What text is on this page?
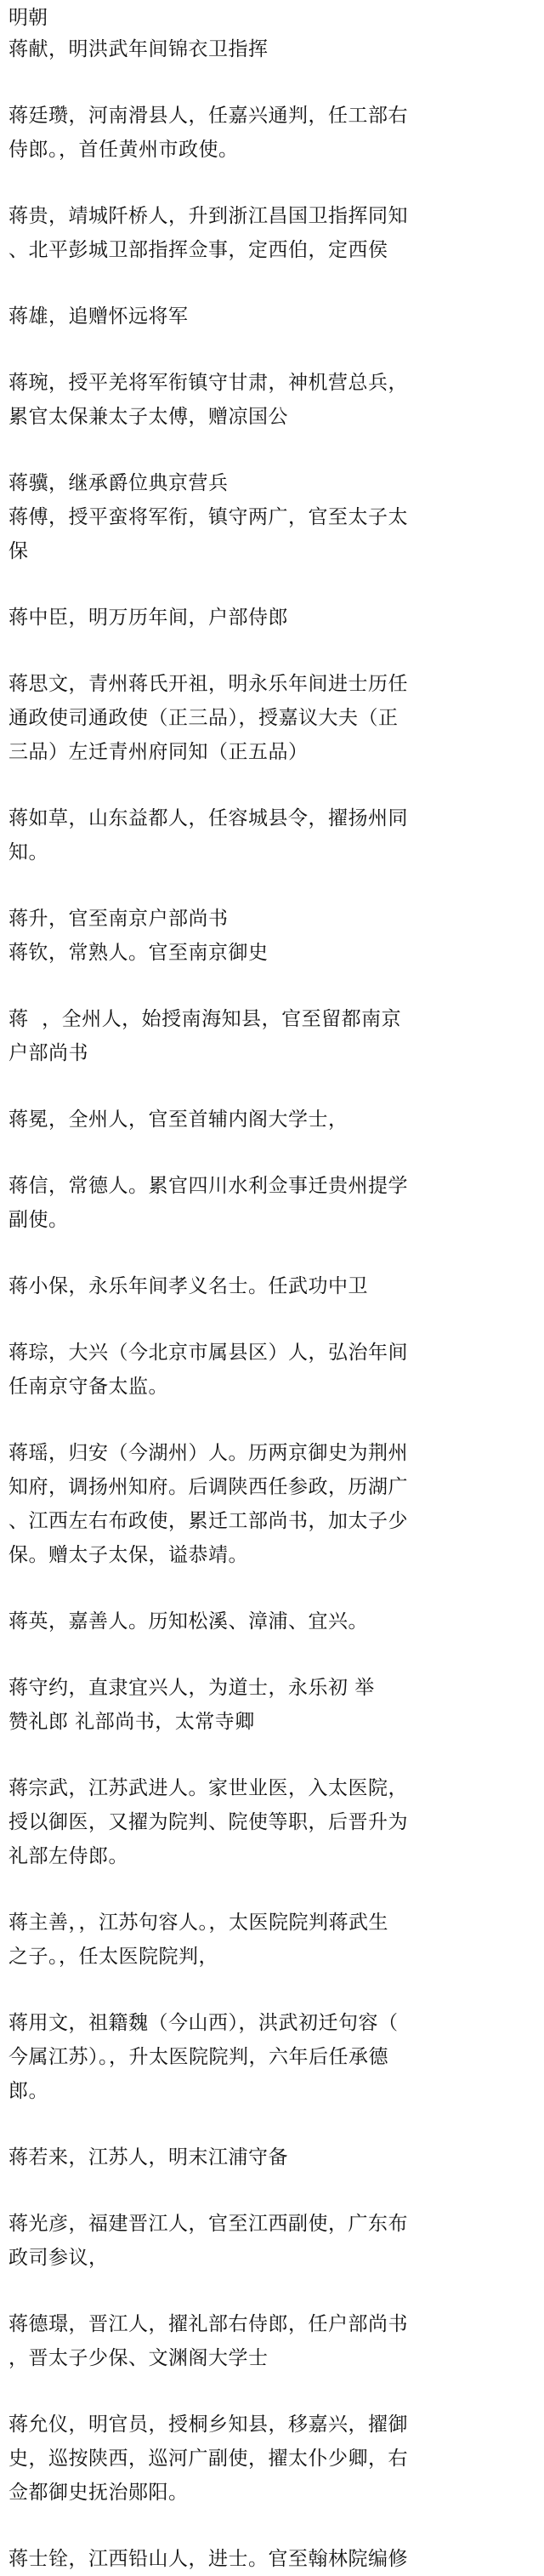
明朝
蒋献，明洪武年间锦衣卫指挥
蒋廷瓒，河南滑县人，任嘉兴通判，任工部右
侍郎。，首任黄州市政使。
蒋贵，靖城阡桥人，升到浙江昌国卫指挥同知
、北平彭城卫部指挥佥事，定西伯，定西侯
蒋雄，追赠怀远将军
蒋琬，授平羌将军衔镇守甘肃，神机营总兵，
累官太保兼太子太傅，赠凉国公
蒋骥，继承爵位典京营兵
蒋傅，授平蛮将军衔，镇守两广，官至太子太
保
蒋中臣，明万历年间，户部侍郎
蒋思文，青州蒋氏开祖，明永乐年间进士历任
通政使司通政使（正三品），授嘉议大夫（正
三品）左迁青州府同知（正五品）
蒋如草，山东益都人，任容城县令，擢扬州同
知。
蒋升，官至南京户部尚书
蒋钦，常熟人。官至南京御史
蒋  ，全州人，始授南海知县，官至留都南京
户部尚书
蒋冕，全州人，官至首辅内阁大学士，
蒋信，常德人。累官四川水利佥事迁贵州提学
副使。
蒋小保，永乐年间孝义名士。任武功中卫
蒋琮，大兴（今北京市属县区）人，弘治年间
任南京守备太监。
蒋瑶，归安（今湖州）人。历两京御史为荆州
知府，调扬州知府。后调陕西任参政，历湖广
、江西左右布政使，累迁工部尚书，加太子少
保。赠太子太保，谥恭靖。
蒋英，嘉善人。历知松溪、漳浦、宜兴。
蒋守约，直隶宜兴人，为道士，永乐初 举
赞礼郎 礼部尚书，太常寺卿
蒋宗武，江苏武进人。家世业医，入太医院，
授以御医，又擢为院判、院使等职，后晋升为
礼部左侍郎。
蒋主善，，江苏句容人。，太医院院判蒋武生
之子。，任太医院院判，
蒋用文，祖籍魏（今山西），洪武初迁句容（
今属江苏）。，升太医院院判，六年后任承德
郎。
蒋若来，江苏人，明末江浦守备
蒋光彦，福建晋江人，官至江西副使，广东布
政司参议，
蒋德璟，晋江人，擢礼部右侍郎，任户部尚书
，晋太子少保、文渊阁大学士
蒋允仪，明官员，授桐乡知县，移嘉兴，擢御
史，巡按陕西，巡河广副使，擢太仆少卿，右
佥都御史抚治郧阳。
蒋士铨，江西铅山人，进士。官至翰林院编修
